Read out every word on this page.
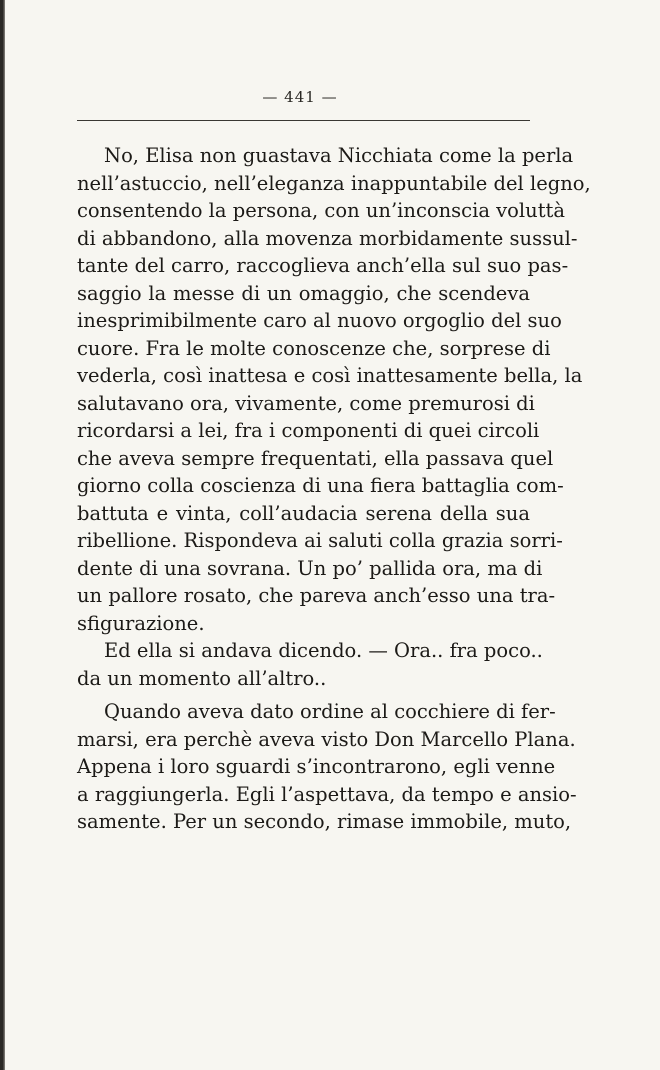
— 441 —
No, Elisa non guastava Nicchiata come la perla
nell’astuccio, nell’eleganza inappuntabile del legno,
consentendo la persona, con un’inconscia voluttà
di abbandono, alla movenza morbidamente sussul-
tante del carro, raccoglieva anch’ella sul suo pas-
saggio la messe di un omaggio, che scendeva
inesprimibilmente caro al nuovo orgoglio del suo
cuore. Fra le molte conoscenze che, sorprese di
vederla, così inattesa e così inattesamente bella, la
salutavano ora, vivamente, come premurosi di
ricordarsi a lei, fra i componenti di quei circoli
che aveva sempre frequentati, ella passava quel
giorno colla coscienza di una fiera battaglia com-
battuta e vinta, coll’audacia serena della sua
ribellione. Rispondeva ai saluti colla grazia sorri-
dente di una sovrana. Un po’ pallida ora, ma di
un pallore rosato, che pareva anch’esso una tra-
sfigurazione.
Ed ella si andava dicendo. — Ora.. fra poco..
da un momento all’altro..
Quando aveva dato ordine al cocchiere di fer-
marsi, era perchè aveva visto Don Marcello Plana.
Appena i loro sguardi s’incontrarono, egli venne
a raggiungerla. Egli l’aspettava, da tempo e ansio-
samente. Per un secondo, rimase immobile, muto,
